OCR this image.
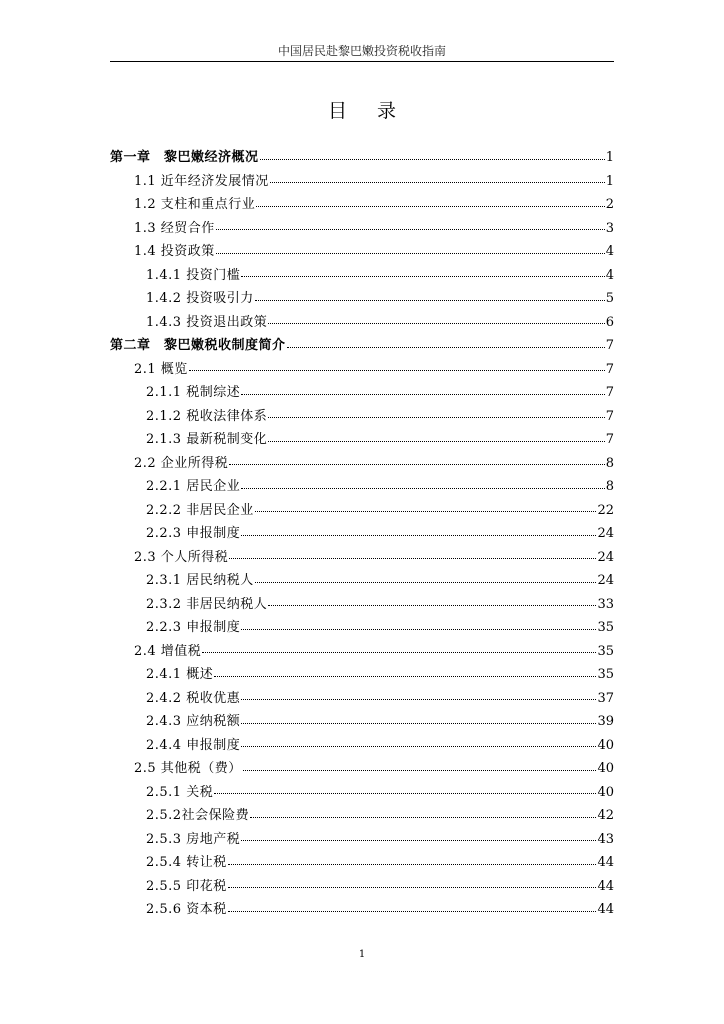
中国居民赴黎巴嫩投资税收指南
目录
第一章　黎巴嫩经济概况	1
1.1 近年经济发展情况	1
1.2 支柱和重点行业	2
1.3 经贸合作	3
1.4 投资政策	4
1.4.1 投资门槛	4
1.4.2 投资吸引力	5
1.4.3 投资退出政策	6
第二章　黎巴嫩税收制度简介	7
2.1 概览	7
2.1.1 税制综述	7
2.1.2 税收法律体系	7
2.1.3 最新税制变化	7
2.2 企业所得税	8
2.2.1 居民企业	8
2.2.2 非居民企业	22
2.2.3 申报制度	24
2.3 个人所得税	24
2.3.1 居民纳税人	24
2.3.2 非居民纳税人	33
2.2.3 申报制度	35
2.4 增值税	35
2.4.1 概述	35
2.4.2 税收优惠	37
2.4.3 应纳税额	39
2.4.4 申报制度	40
2.5 其他税（费）	40
2.5.1 关税	40
2.5.2社会保险费	42
2.5.3 房地产税	43
2.5.4 转让税	44
2.5.5 印花税	44
2.5.6 资本税	44
1
